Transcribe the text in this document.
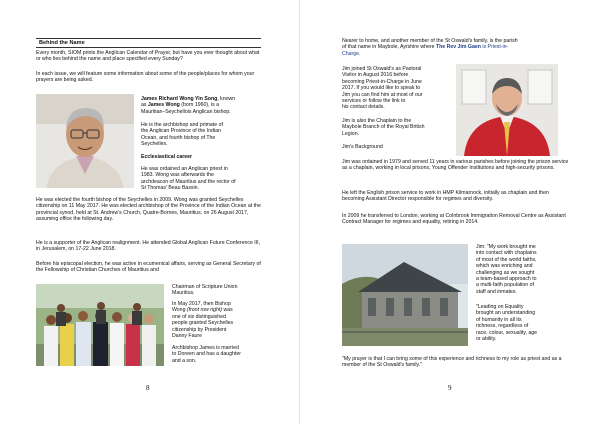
Behind the Name

Every month, SIOM prints the Anglican Calendar of Prayer, but have you ever thought about what or who lies behind the name and place specified every Sunday?

In each issue, we will feature some information about some of the people/places for whom your prayers are being asked.

James Richard Wong Yin Song, known
as James Wong (born 1960), is a
Mauritian–Seychellois Anglican bishop.

He is the archbishop and primate of
the Anglican Province of the Indian
Ocean, and fourth bishop of The
Seychelles.

Ecclesiastical career

He was ordained an Anglican priest in
1983. Wong was afterwards the
archdeacon of Mauritius and the rector of
St Thomas' Beau Bassin.

He was elected the fourth bishop of the Seychelles in 2009. Wong was granted Seychelles citizenship on 11 May 2017. He was elected archbishop of the Province of the Indian Ocean at the provincial synod, held at St. Andrew's Church, Quatre-Bornes, Mauritius, on 26 August 2017, assuming office the following day.

He is a supporter of the Anglican realignment. He attended Global Anglican Future Conference III, in Jerusalem, on 17-22 June 2018.

Before his episcopal election, he was active in ecumenical affairs, serving as General Secretary of the Fellowship of Christian Churches of Mauritius and

Chairman of Scripture Union
Mauritius.

In May 2017, then Bishop
Wong (front row right) was
one of six distinguished
people granted Seychelles
citizenship by President
Danny Faure

Archbishop James is married
to Doreen and has a daughter
and a son.

8

Nearer to home, and another member of the St Oswald's family, is the parish
of that name in Maybole, Ayrshire where The Rev Jim Gaen is Priest-in-
Charge.

Jim joined St Oswald's as Pastoral
Visitor in August 2016 before
becoming Priest-in-Charge in June
2017. If you would like to speak to
Jim you can find him at most of our
services or follow the link to
his contact details.

Jim is also the Chaplain to the
Maybole Branch of the Royal British
Legion.

Jim's Background

Jim was ordained in 1979 and served 11 years in various parishes before joining the prison service as a chaplain, working in local prisons, Young Offender Institutions and high-security prisons.

He left the English prison service to work in HMP Kilmarnock, initially as chaplain and then becoming Assistant Director responsible for regimes and diversity.

In 2009 he transferred to London, working at Colnbrook Immigration Removal Centre as Assistant Contract Manager for regimes and equality, retiring in 2014.

Jim: "My work brought me
into contact with chaplains
of most of the world faiths,
which was enriching and
challenging as we sought
a team-based approach to
a multi-faith population of
staff and inmates.

"Leading on Equality
brought an understanding
of humanity in all its
richness, regardless of
race, colour, sexuality, age
or ability.

"My prayer is that I can bring some of this experience and richness to my role as priest and as a member of the St Oswald's family."

9
